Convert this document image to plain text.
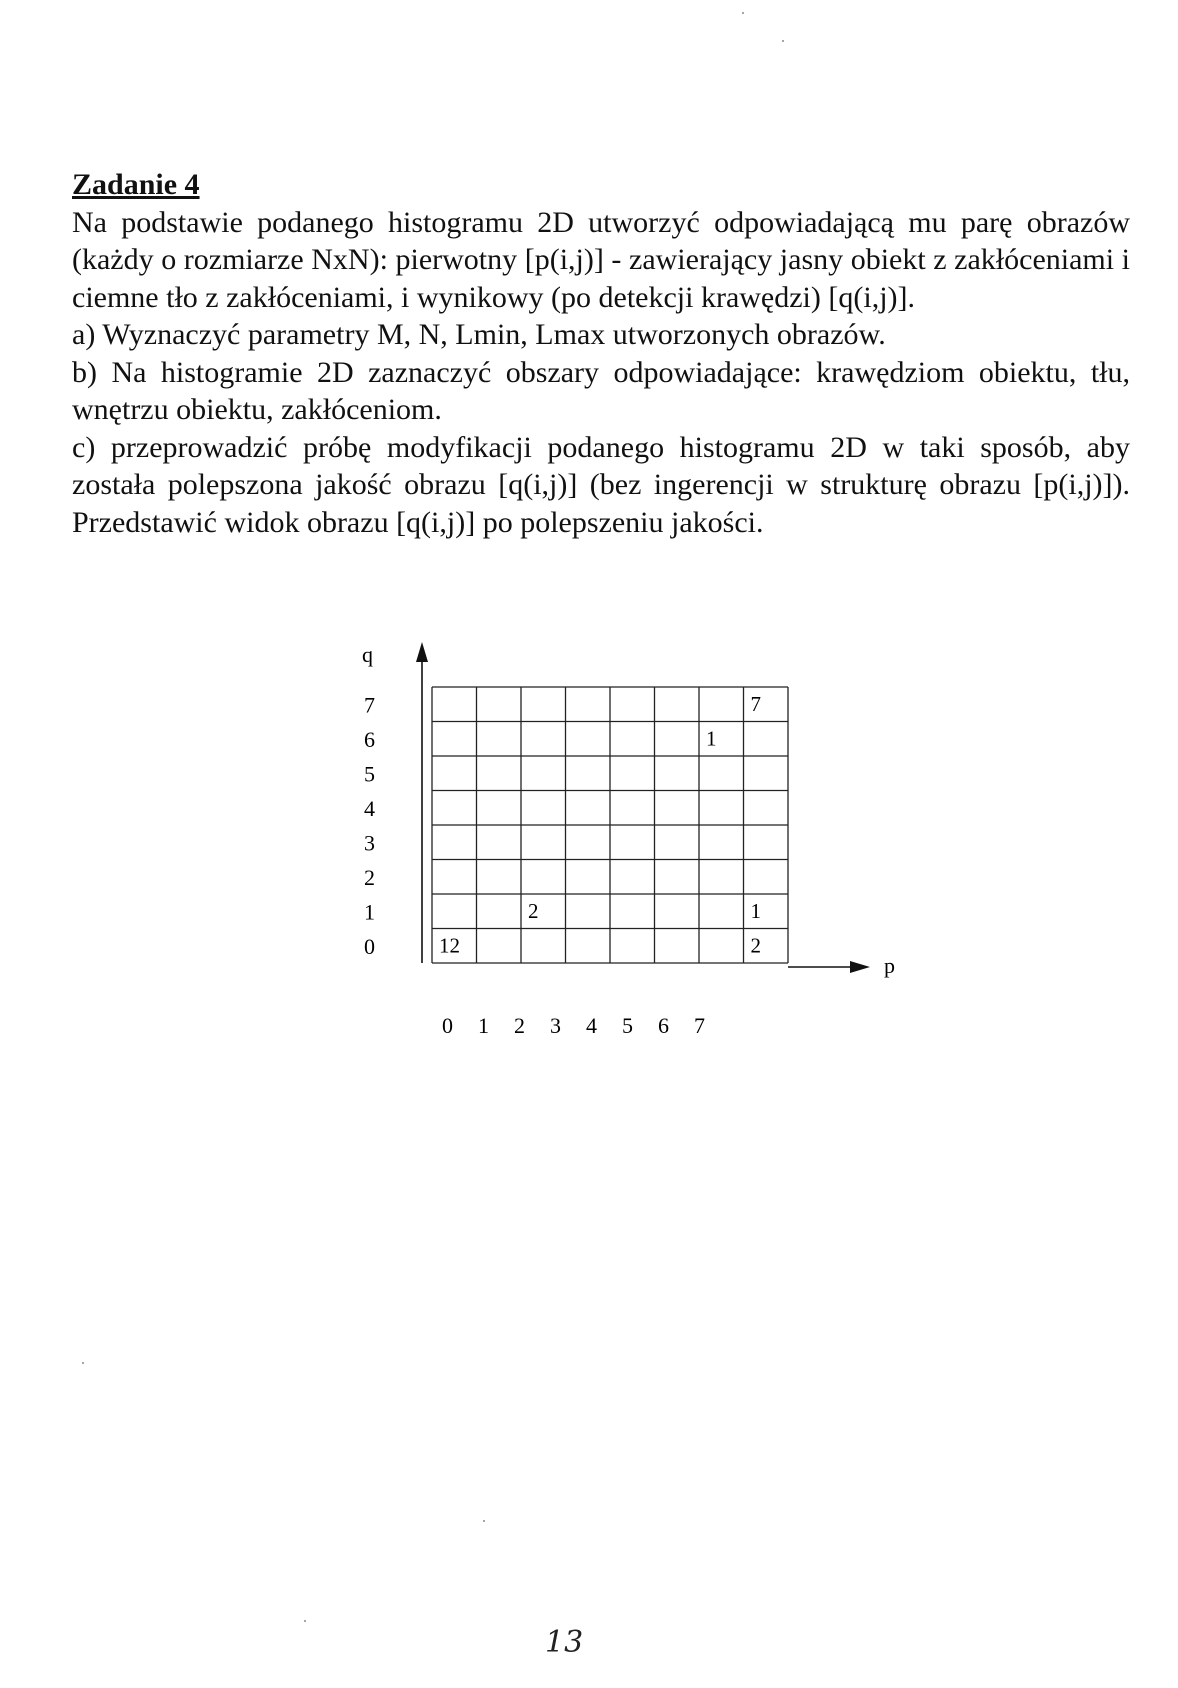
Zadanie 4

Na podstawie podanego histogramu 2D utworzyć odpowiadającą mu parę obrazów (każdy o rozmiarze NxN): pierwotny [p(i,j)] - zawierający jasny obiekt z zakłóceniami i ciemne tło z zakłóceniami, i wynikowy (po detekcji krawędzi) [q(i,j)].

a) Wyznaczyć parametry M, N, Lmin, Lmax utworzonych obrazów.

b) Na histogramie 2D zaznaczyć obszary odpowiadające: krawędziom obiektu, tłu, wnętrzu obiektu, zakłóceniom.

c) przeprowadzić próbę modyfikacji podanego histogramu 2D w taki sposób, aby została polepszona jakość obrazu [q(i,j)] (bez ingerencji w strukturę obrazu [p(i,j)]). Przedstawić widok obrazu [q(i,j)] po polepszeniu jakości.

q
p
0
1
2
3
4
5
6
7
0 1 2 3 4 5 6 7
12	2
2	1
1
7
13
